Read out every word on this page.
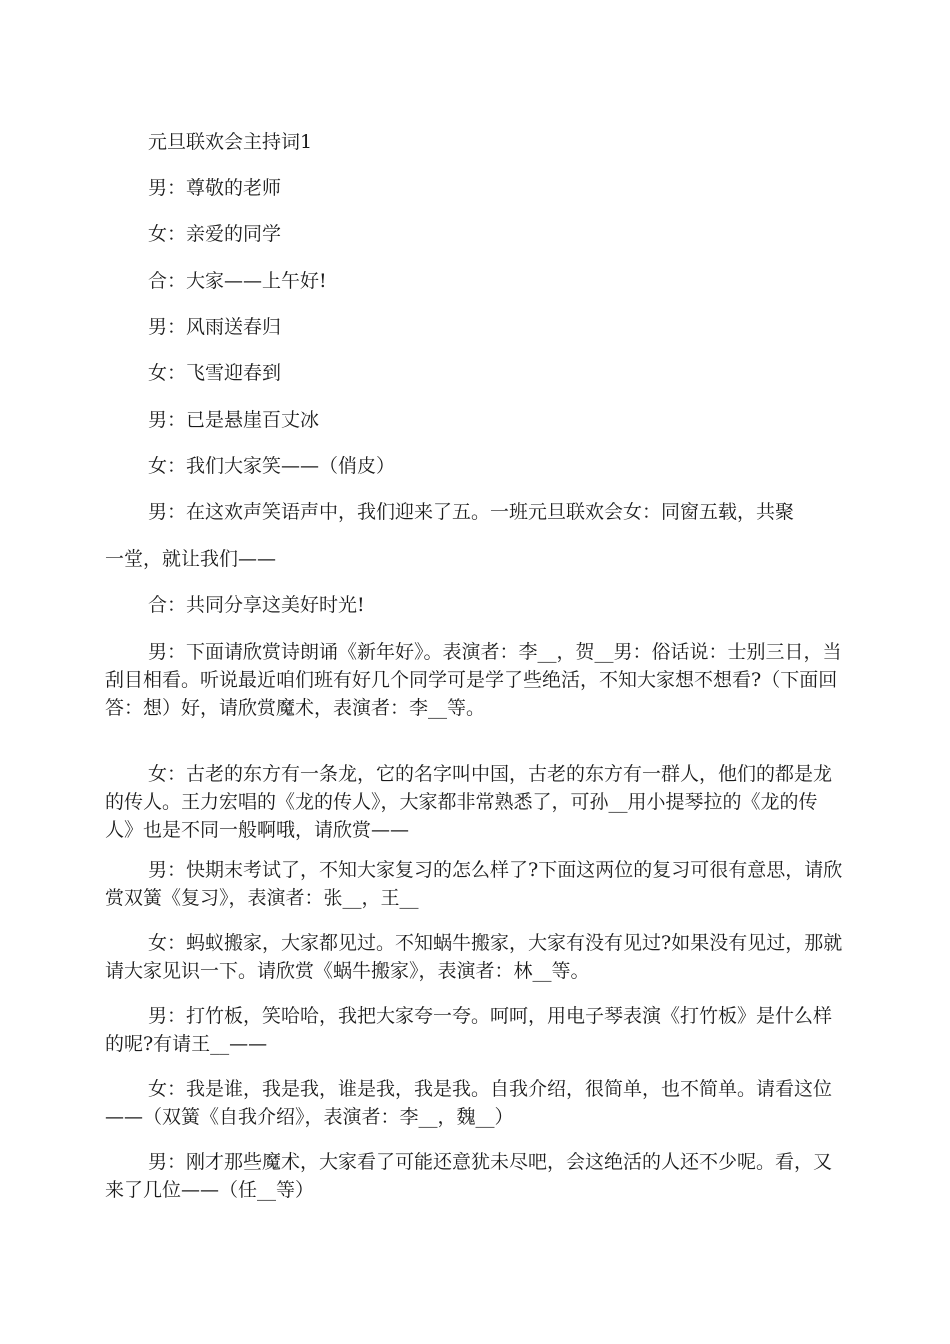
元旦联欢会主持词1
男：尊敬的老师
女：亲爱的同学
合：大家——上午好!
男：风雨送春归
女：飞雪迎春到
男：已是悬崖百丈冰
女：我们大家笑——（俏皮）
男：在这欢声笑语声中，我们迎来了五。一班元旦联欢会女：同窗五载，共聚
一堂，就让我们——
合：共同分享这美好时光!
男：下面请欣赏诗朗诵《新年好》。表演者：李__，贺__男：俗话说：士别三日，当刮目相看。听说最近咱们班有好几个同学可是学了些绝活，不知大家想不想看?（下面回答：想）好，请欣赏魔术，表演者：李__等。
女：古老的东方有一条龙，它的名字叫中国，古老的东方有一群人，他们的都是龙的传人。王力宏唱的《龙的传人》，大家都非常熟悉了，可孙__用小提琴拉的《龙的传人》也是不同一般啊哦，请欣赏——
男：快期末考试了，不知大家复习的怎么样了?下面这两位的复习可很有意思，请欣赏双簧《复习》，表演者：张__，王__
女：蚂蚁搬家，大家都见过。不知蜗牛搬家，大家有没有见过?如果没有见过，那就请大家见识一下。请欣赏《蜗牛搬家》，表演者：林__等。
男：打竹板，笑哈哈，我把大家夸一夸。呵呵，用电子琴表演《打竹板》是什么样的呢?有请王__——
女：我是谁，我是我，谁是我，我是我。自我介绍，很简单，也不简单。请看这位——（双簧《自我介绍》，表演者：李__，魏__）
男：刚才那些魔术，大家看了可能还意犹未尽吧，会这绝活的人还不少呢。看，又来了几位——（任__等）
